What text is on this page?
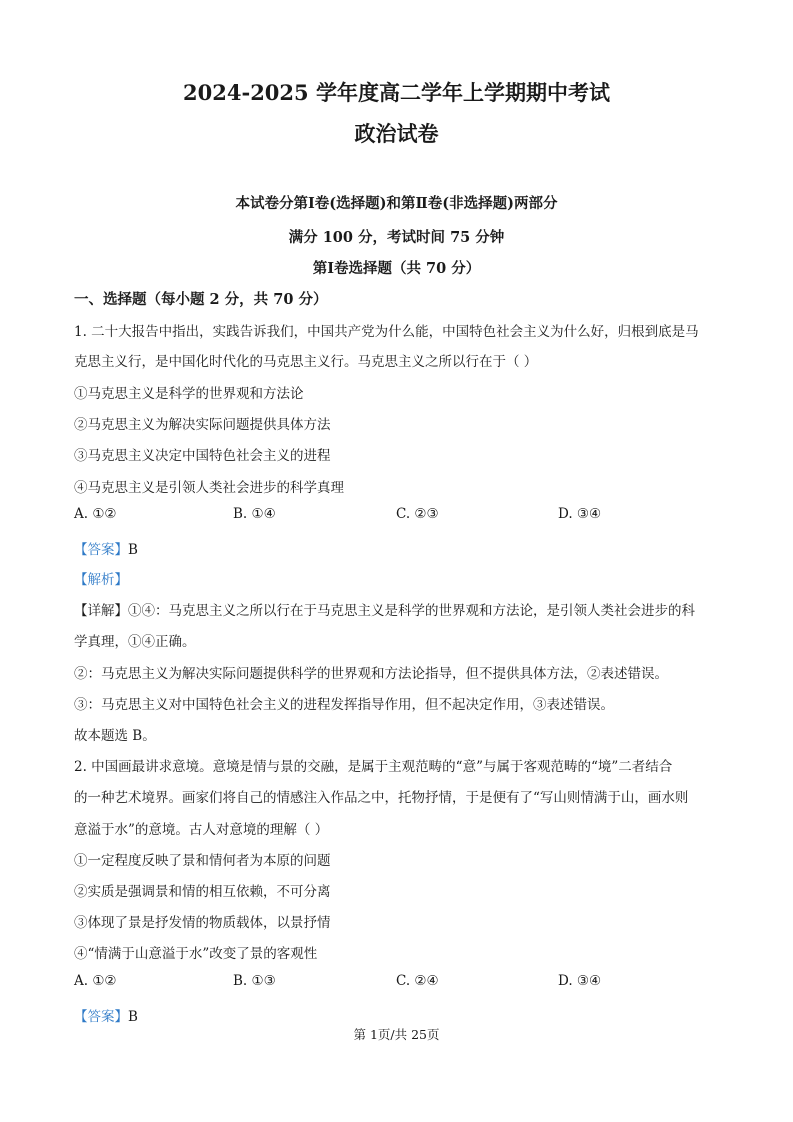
2024-2025 学年度高二学年上学期期中考试
政治试卷
本试卷分第Ⅰ卷(选择题)和第Ⅱ卷(非选择题)两部分
满分 100 分，考试时间 75 分钟
第Ⅰ卷选择题（共 70 分）
一、选择题（每小题 2 分，共 70 分）
1. 二十大报告中指出，实践告诉我们，中国共产党为什么能，中国特色社会主义为什么好，归根到底是马
克思主义行，是中国化时代化的马克思主义行。马克思主义之所以行在于（ ）
①马克思主义是科学的世界观和方法论
②马克思主义为解决实际问题提供具体方法
③马克思主义决定中国特色社会主义的进程
④马克思主义是引领人类社会进步的科学真理
A. ①②	B. ①④	C. ②③	D. ③④
【答案】B
【解析】
【详解】①④：马克思主义之所以行在于马克思主义是科学的世界观和方法论，是引领人类社会进步的科
学真理，①④正确。
②：马克思主义为解决实际问题提供科学的世界观和方法论指导，但不提供具体方法，②表述错误。
③：马克思主义对中国特色社会主义的进程发挥指导作用，但不起决定作用，③表述错误。
故本题选 B。
2. 中国画最讲求意境。意境是情与景的交融，是属于主观范畴的“意”与属于客观范畴的“境”二者结合
的一种艺术境界。画家们将自己的情感注入作品之中，托物抒情，于是便有了“写山则情满于山，画水则
意溢于水”的意境。古人对意境的理解（ ）
①一定程度反映了景和情何者为本原的问题
②实质是强调景和情的相互依赖，不可分离
③体现了景是抒发情的物质载体，以景抒情
④“情满于山意溢于水”改变了景的客观性
A. ①②	B. ①③	C. ②④	D. ③④
【答案】B
第 1页/共 25页
